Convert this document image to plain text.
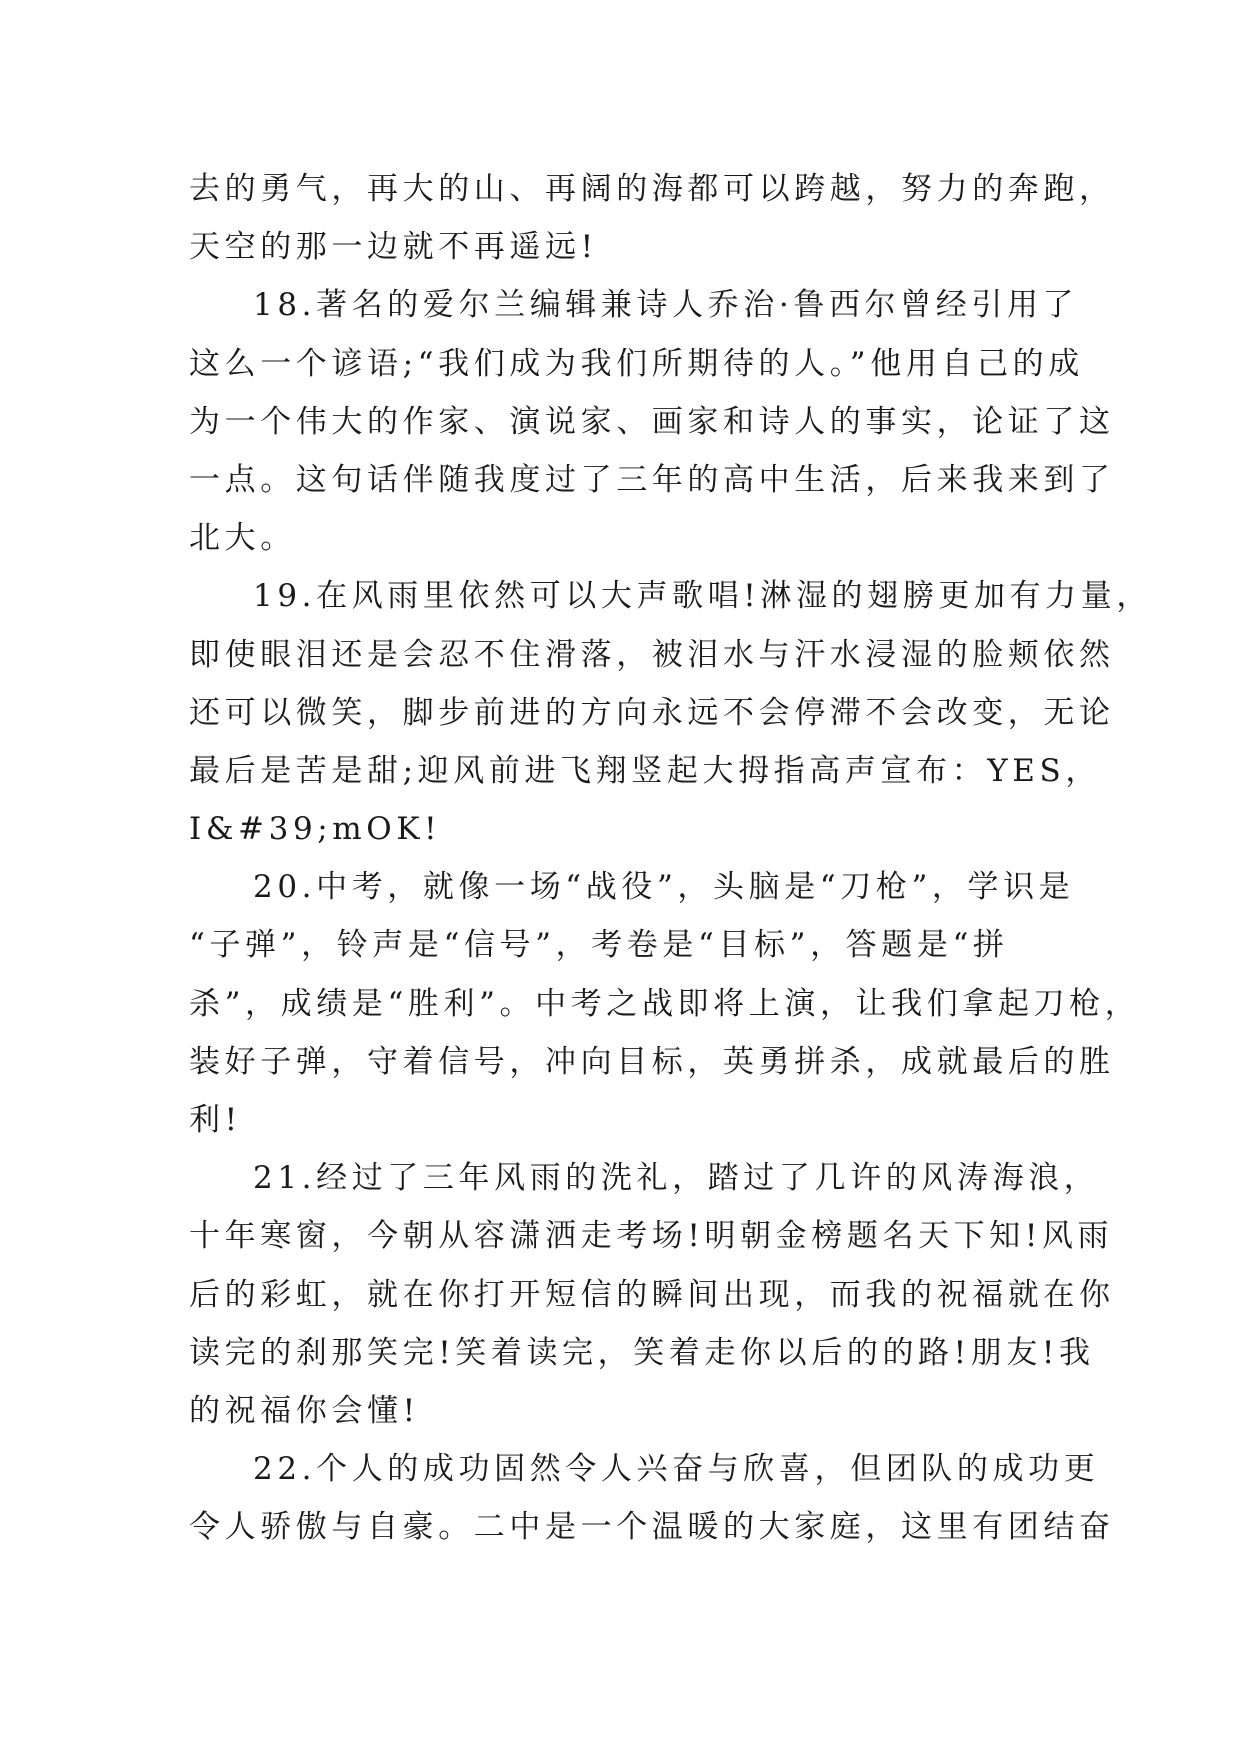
去的勇气，再大的山、再阔的海都可以跨越，努力的奔跑，
天空的那一边就不再遥远!
18.著名的爱尔兰编辑兼诗人乔治·鲁西尔曾经引用了
这么一个谚语;“我们成为我们所期待的人。”他用自己的成
为一个伟大的作家、演说家、画家和诗人的事实，论证了这
一点。这句话伴随我度过了三年的高中生活，后来我来到了
北大。
19.在风雨里依然可以大声歌唱!淋湿的翅膀更加有力量，
即使眼泪还是会忍不住滑落，被泪水与汗水浸湿的脸颊依然
还可以微笑，脚步前进的方向永远不会停滞不会改变，无论
最后是苦是甜;迎风前进飞翔竖起大拇指高声宣布：YES，
I&#39;mOK!
20.中考，就像一场“战役”，头脑是“刀枪”，学识是
“子弹”，铃声是“信号”，考卷是“目标”，答题是“拼
杀”，成绩是“胜利”。中考之战即将上演，让我们拿起刀枪，
装好子弹，守着信号，冲向目标，英勇拼杀，成就最后的胜
利!
21.经过了三年风雨的洗礼，踏过了几许的风涛海浪，
十年寒窗，今朝从容潇洒走考场!明朝金榜题名天下知!风雨
后的彩虹，就在你打开短信的瞬间出现，而我的祝福就在你
读完的刹那笑完!笑着读完，笑着走你以后的的路!朋友!我
的祝福你会懂!
22.个人的成功固然令人兴奋与欣喜，但团队的成功更
令人骄傲与自豪。二中是一个温暖的大家庭，这里有团结奋
